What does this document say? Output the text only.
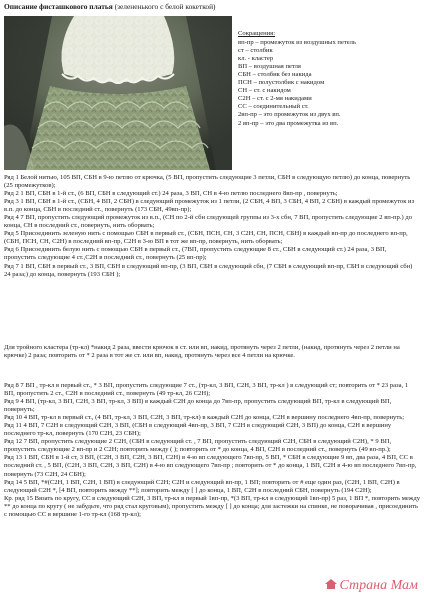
Описание фисташкового платья (зелененького с белой кокеткой)
Сокращения:
вп-пр – промежуток из воздушных петель
ст – столбик
кл. - кластер
ВП – воздушная петля
СБН – столбик без накида
ПСН – полустолбик с накидом
СН – ст. с накидом
С2Н – ст. с 2-мя накидами
СС – соединительный ст.
2вп-пр – это промежуток из двух вп.
2 вп-пр – это два промежутка из вп.

Ряд 1 Белой нитью, 105 ВП, СБН в 9-ю петлю от крючка, (5 ВП, пропустить следующие 3 петли, СБН в следующую петлю) до конца, повернуть (25 промежутков);

Ряд 2 1 ВП, СБН в 1-й ст., (6 ВП, СБН в следующий ст.) 24 раза, 3 ВП, СН в 4-ю петлю последнего 8вп-пр , повернуть;

Ряд 3 1 ВП, СБН в 1-й ст., (СБН, 4 ВП, 2 СБН) в следующий промежуток из 1 петли, (2 СБН, 4 ВП, 3 СБН, 4 ВП, 2 СБН) в каждый промежуток из в.п. до конца, СБН в последний ст., повернуть (173 СБН, 49вп-пр);

Ряд 4 7 ВП, пропустить следующий промежуток из в.п., (СН по 2-й сбн следующей группы из 3-х сбн, 7 ВП, пропустить следующие 2 вп-пр.) до конца, СН в последний ст., повернуть, нить оборвать;

Ряд 5 Присоединить зеленую нить с помощью СБН в первый ст., (СБН, ПСН, СН, 3 С2Н, СН, ПСН, СБН) в каждый вп-пр до последнего вп-пр, (СБН, ПСН, СН, С2Н) в последний вп-пр, С2Н в 3-ю ВП в тот же вп-пр, повернуть, нить оборвать;

Ряд 6 Присоединить белую нить с помощью СБН в первый ст., (7ВП, пропустить следующие 8 ст., СБН в следующий ст.) 24 раза, 3 ВП, пропустить следующие 4 ст.,С2Н в последний ст., повернуть (25 вп-пр);

Ряд 7 1 ВП, СБН в первый ст., 3 ВП, СБН в следующий вп-пр, (3 ВП, СБН в следующий сбн, (7 СБН в следующий вп-пр, СБН в следующий сбн) 24 раза;) до конца, повернуть (193 СБН );

Для тройного кластера (тр-кл) *накид 2 раза, ввести крючок в ст. или вп, накид, протянуть через 2 петли, (накид, протянуть через 2 петли на крючке) 2 раза; повторить от * 2 раза в тот же ст. или вп, накид, протянуть через все 4 петли на крючке.

Ряд 8 7 ВП , тр-кл в первый ст., * 3 ВП, пропустить следующие 7 ст., (тр-кл, 3 ВП, С2Н, 3 ВП, тр-кл ) в следующий ст; повторить от * 23 раза, 1 ВП, пропустить 2 ст., С2Н в последний ст., повернуть (49 тр-кл, 26 С2Н);

Ряд 9 4 ВП, (тр-кл, 3 ВП, С2Н, 3 ВП, тр-кл, 3 ВП) в каждый С2Н до конца до 7вп-пр, пропустить следующий ВП, тр-кл в следующий ВП, повернуть;

Ряд 10 4 ВП, тр-кл в первый ст., (4 ВП, тр-кл, 3 ВП, С2Н, 3 ВП, тр-кл) в каждый С2Н до конца, С2Н в вершину последнего 4вп-пр, повернуть;

Ряд 11 4 ВП, 7 С2Н в следующий С2Н, 3 ВП, (СБН в следующий 4вп-пр, 3 ВП, 7 С2Н в следующий С2Н, 3 ВП) до конца, С2Н в вершину последнего тр-кл, повернуть (170 С2Н, 23 СБН);

Ряд 12 7 ВП, пропустить следующие 2 С2Н, (СБН в следующий ст. , 7 ВП, пропустить следующий С2Н, СБН в следующий С2Н), * 9 ВП, пропустить следующие 2 вп-пр и 2 С2Н; повторить между ( ); повторить от * до конца, 4 ВП, С2Н в последний ст., повернуть (49 вп-пр.);

Ряд 13 1 ВП, СБН в 1-й ст, 3 ВП, (С2Н, 3 ВП, С2Н, 3 ВП, С2Н) в 4-ю вп следующего 7вп-пр, 5 ВП, * СБН в следующие 9 вп, два раза, 4 ВП, СС в последний ст. , 5 ВП, (С2Н, 3 ВП, С2Н, 3 ВП, С2Н) в 4-ю вп следующего 7вп-пр ; повторить от * до конца, 1 ВП, С2Н в 4-ю вп последнего 7вп-пр, повернуть (73 С2Н, 24 СБН);

Ряд 14 5 ВП, *#(С2Н, 1 ВП, С2Н, 1 ВП) в следующий С2Н; С2Н и следующий вп-пр, 1 ВП; повторить от # еще один раз, (С2Н, 1 ВП, С2Н) в следующий С2Н *, [4 ВП, повторить между **]; повторить между [ ] до конца, 1 ВП, С2Н в последний СБН, повернуть (194 С2Н);

Кр. ряд 15 Вязать по кругу, СС в следующий С2Н, 3 ВП, тр-кл в первый 1вп-пр, *(3 ВП, тр-кл в следующий 1вп-пр) 5 раз, 1 ВП *, повторить между ** до конца по кругу ( не забудьте, что ряд стал круговым), пропустить между [ ] до конца; для застежки на спинке, не поворачивая , присоединить с помощью СС в вершине 1-го тр-кл (168 тр-кл);

Страна Мам
